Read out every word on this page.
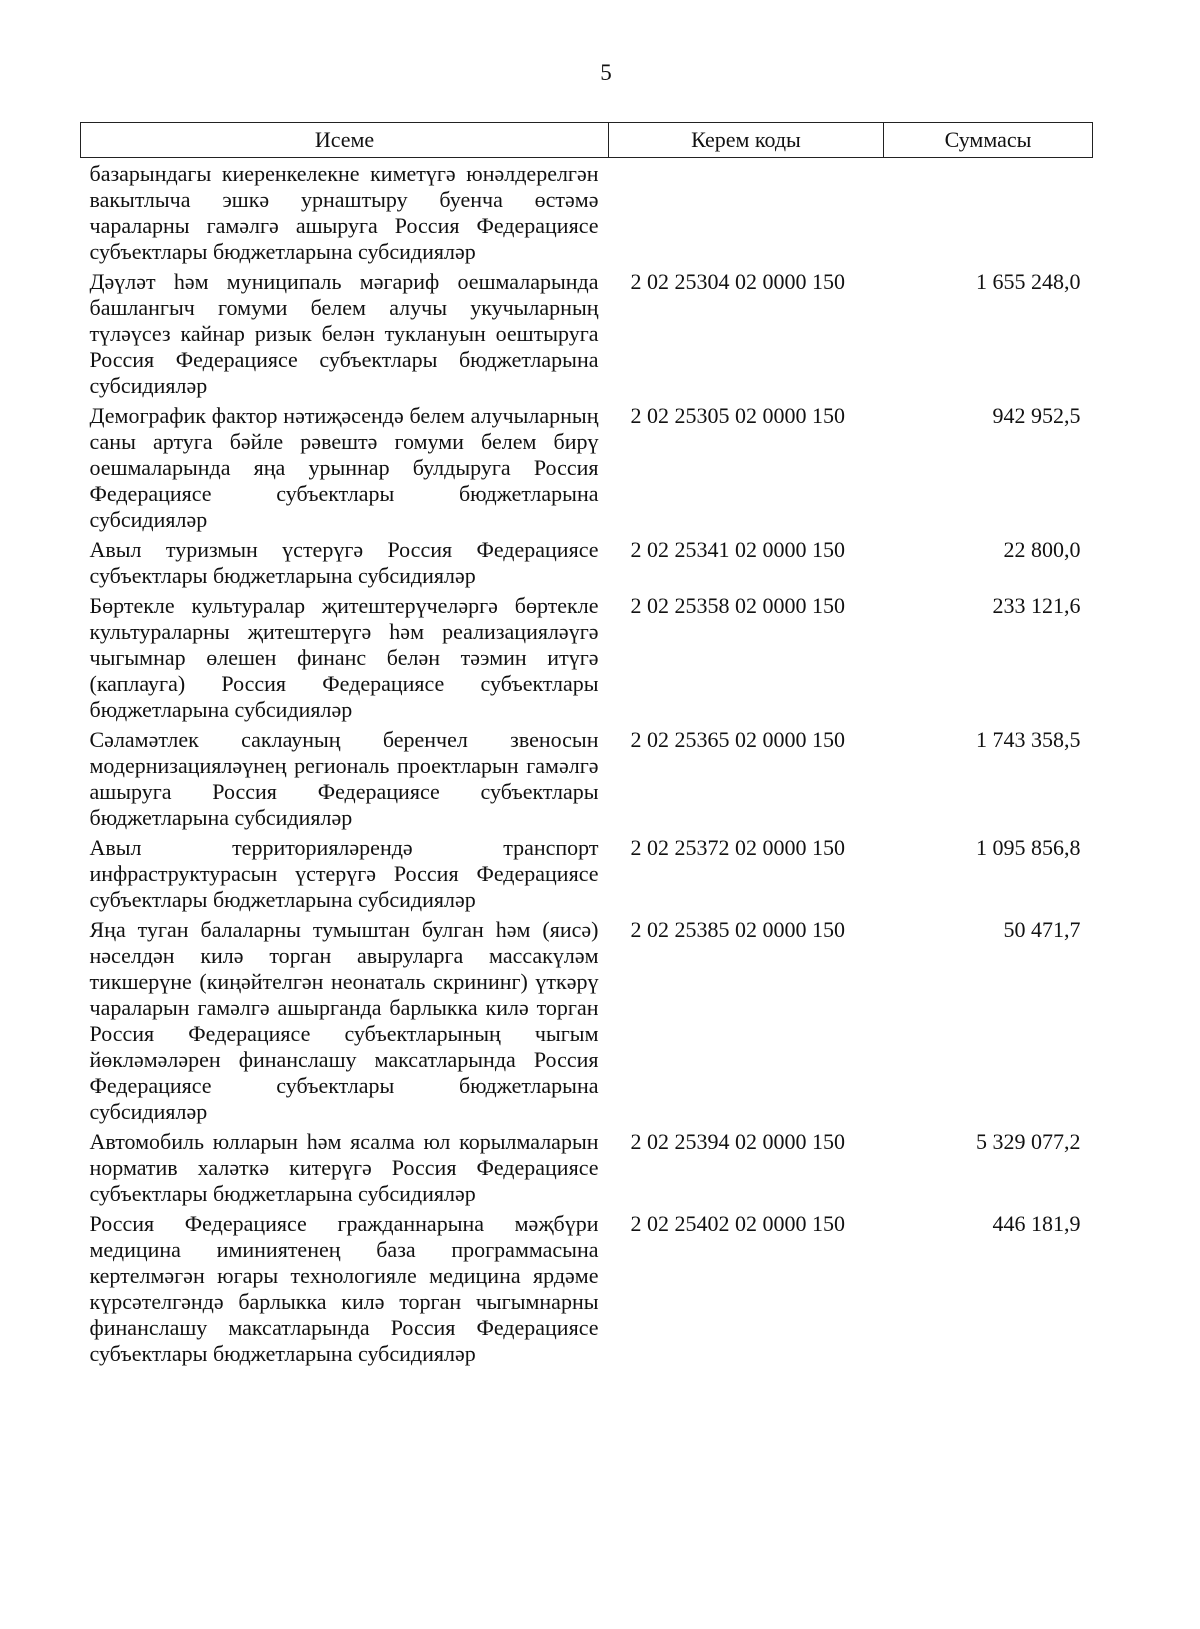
5
Исеме	Керем коды	Суммасы
базарындагы киеренкелекне киметүгә юнәлдерелгән вакытлыча эшкә урнаштыру буенча өстәмә чараларны гамәлгә ашыруга Россия Федерациясе субъектлары бюджетларына субсидияләр		
Дәүләт һәм муниципаль мәгариф оешмаларында башлангыч гомуми белем алучы укучыларның түләүсез кайнар ризык белән туклануын оештыруга Россия Федерациясе субъектлары бюджетларына субсидияләр	2 02 25304 02 0000 150	1 655 248,0
Демографик фактор нәтиҗәсендә белем алучыларның саны артуга бәйле рәвештә гомуми белем бирү оешмаларында яңа урыннар булдыруга Россия Федерациясе субъектлары бюджетларына субсидияләр	2 02 25305 02 0000 150	942 952,5
Авыл туризмын үстерүгә Россия Федерациясе субъектлары бюджетларына субсидияләр	2 02 25341 02 0000 150	22 800,0
Бөртекле культуралар җитештерүчеләргә бөртекле культураларны җитештерүгә һәм реализацияләүгә чыгымнар өлешен финанс белән тәэмин итүгә (каплауга) Россия Федерациясе субъектлары бюджетларына субсидияләр	2 02 25358 02 0000 150	233 121,6
Сәламәтлек саклауның беренчел звеносын модернизацияләүнең региональ проектларын гамәлгә ашыруга Россия Федерациясе субъектлары бюджетларына субсидияләр	2 02 25365 02 0000 150	1 743 358,5
Авыл территорияләрендә транспорт инфраструктурасын үстерүгә Россия Федерациясе субъектлары бюджетларына субсидияләр	2 02 25372 02 0000 150	1 095 856,8
Яңа туган балаларны тумыштан булган һәм (яисә) нәселдән килә торган авыруларга массакүләм тикшерүне (киңәйтелгән неонаталь скрининг) үткәрү чараларын гамәлгә ашырганда барлыкка килә торган Россия Федерациясе субъектларының чыгым йөкләмәләрен финанслашу максатларында Россия Федерациясе субъектлары бюджетларына субсидияләр	2 02 25385 02 0000 150	50 471,7
Автомобиль юлларын һәм ясалма юл корылмаларын норматив халәткә китерүгә Россия Федерациясе субъектлары бюджетларына субсидияләр	2 02 25394 02 0000 150	5 329 077,2
Россия Федерациясе гражданнарына мәҗбүри медицина иминиятенең база программасына кертелмәгән югары технологияле медицина ярдәме күрсәтелгәндә барлыкка килә торган чыгымнарны финанслашу максатларында Россия Федерациясе субъектлары бюджетларына субсидияләр	2 02 25402 02 0000 150	446 181,9
